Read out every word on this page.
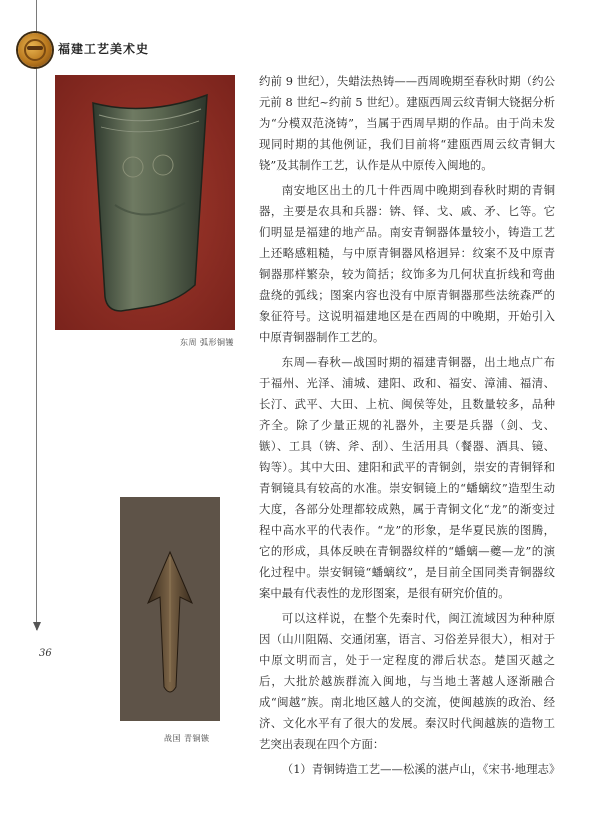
福建工艺美术史
东周 弧形铜镬
战国 青铜镞
36

约前 9 世纪），失蜡法热铸——西周晚期至春秋时期（约公元前 8 世纪~约前 5 世纪）。建瓯西周云纹青铜大铙据分析为“分模双范浇铸”，当属于西周早期的作品。由于尚未发现同时期的其他例证，我们目前将“建瓯西周云纹青铜大铙”及其制作工艺，认作是从中原传入闽地的。

南安地区出土的几十件西周中晚期到春秋时期的青铜器，主要是农具和兵器：锛、铎、戈、戚、矛、匕等。它们明显是福建的地产品。南安青铜器体量较小，铸造工艺上还略感粗糙，与中原青铜器风格迥异：纹案不及中原青铜器那样繁杂，较为简括；纹饰多为几何状直折线和弯曲盘绕的弧线；图案内容也没有中原青铜器那些法统森严的象征符号。这说明福建地区是在西周的中晚期，开始引入中原青铜器制作工艺的。

东周—春秋—战国时期的福建青铜器，出土地点广布于福州、光泽、浦城、建阳、政和、福安、漳浦、福清、长汀、武平、大田、上杭、闽侯等处，且数量较多，品种齐全。除了少量正规的礼器外，主要是兵器（剑、戈、镞）、工具（锛、斧、刮）、生活用具（餐器、酒具、镜、钩等）。其中大田、建阳和武平的青铜剑，崇安的青铜铎和青铜镜具有较高的水准。崇安铜镜上的“蟠螭纹”造型生动大度，各部分处理都较成熟，属于青铜文化“龙”的渐变过程中高水平的代表作。“龙”的形象，是华夏民族的图腾，它的形成，具体反映在青铜器纹样的“蟠螭—夔—龙”的演化过程中。崇安铜镜“蟠螭纹”，是目前全国同类青铜器纹案中最有代表性的龙形图案，是很有研究价值的。

可以这样说，在整个先秦时代，闽江流域因为种种原因（山川阻隔、交通闭塞，语言、习俗差异很大），相对于中原文明而言，处于一定程度的滞后状态。楚国灭越之后，大批於越族群流入闽地，与当地土著越人逐渐融合成“闽越”族。南北地区越人的交流，使闽越族的政治、经济、文化水平有了很大的发展。秦汉时代闽越族的造物工艺突出表现在四个方面：

（1）青铜铸造工艺——松溪的湛卢山，《宋书·地理志》
